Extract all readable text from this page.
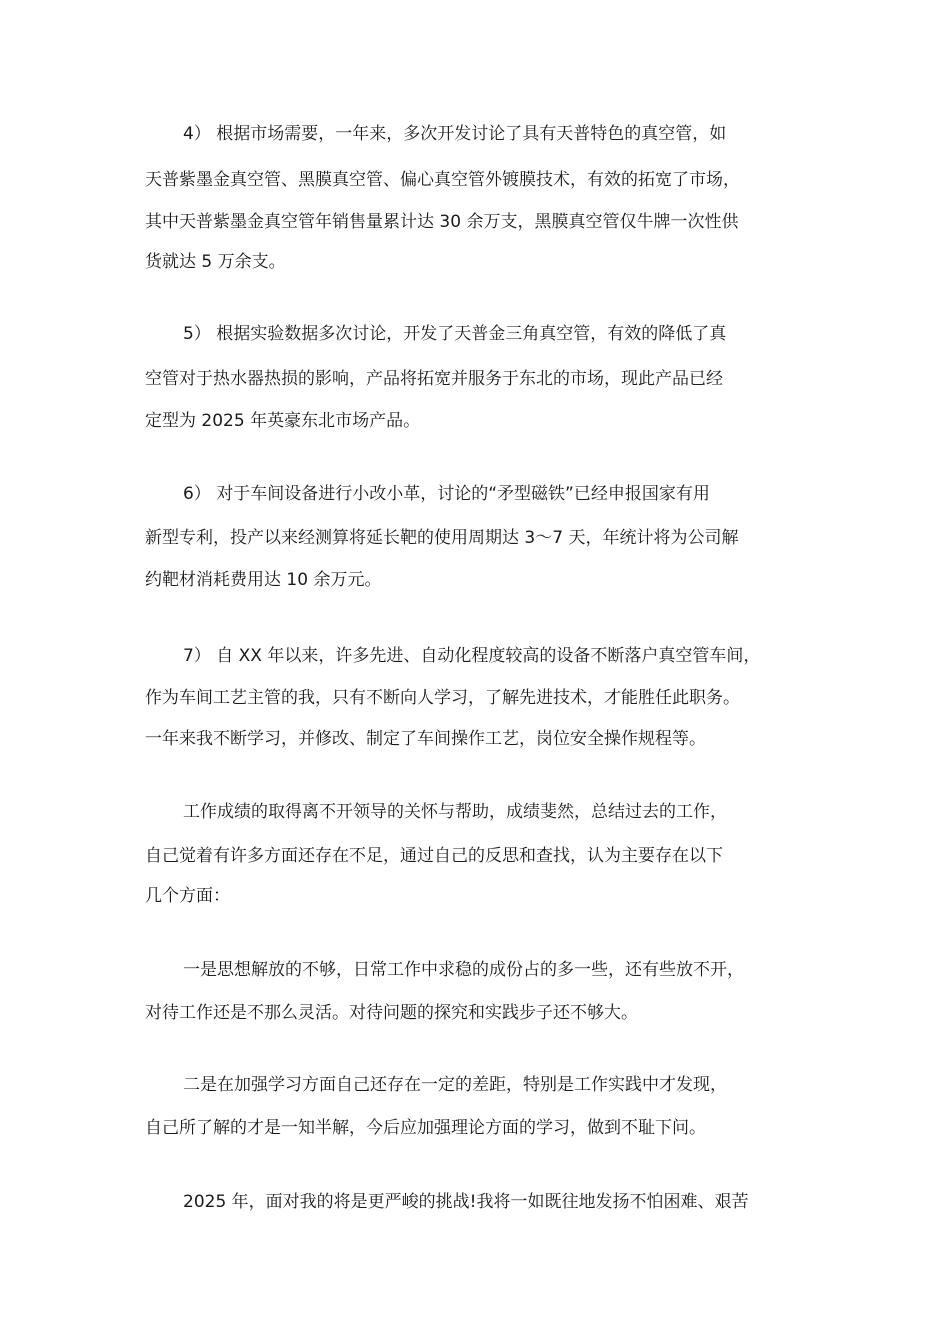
4） 根据市场需要，一年来，多次开发讨论了具有天普特色的真空管，如
天普紫墨金真空管、黑膜真空管、偏心真空管外镀膜技术，有效的拓宽了市场，
其中天普紫墨金真空管年销售量累计达 30 余万支，黑膜真空管仅牛牌一次性供
货就达 5 万余支。
5） 根据实验数据多次讨论，开发了天普金三角真空管，有效的降低了真
空管对于热水器热损的影响，产品将拓宽并服务于东北的市场，现此产品已经
定型为 2025 年英豪东北市场产品。
6） 对于车间设备进行小改小革，讨论的“矛型磁铁”已经申报国家有用
新型专利，投产以来经测算将延长靶的使用周期达 3～7 天，年统计将为公司解
约靶材消耗费用达 10 余万元。
7） 自 XX 年以来，许多先进、自动化程度较高的设备不断落户真空管车间，
作为车间工艺主管的我，只有不断向人学习，了解先进技术，才能胜任此职务。
一年来我不断学习，并修改、制定了车间操作工艺，岗位安全操作规程等。
工作成绩的取得离不开领导的关怀与帮助，成绩斐然，总结过去的工作，
自己觉着有许多方面还存在不足，通过自己的反思和查找，认为主要存在以下
几个方面：
一是思想解放的不够，日常工作中求稳的成份占的多一些，还有些放不开，
对待工作还是不那么灵活。对待问题的探究和实践步子还不够大。
二是在加强学习方面自己还存在一定的差距，特别是工作实践中才发现，
自己所了解的才是一知半解，今后应加强理论方面的学习，做到不耻下问。
2025 年，面对我的将是更严峻的挑战!我将一如既往地发扬不怕困难、艰苦
